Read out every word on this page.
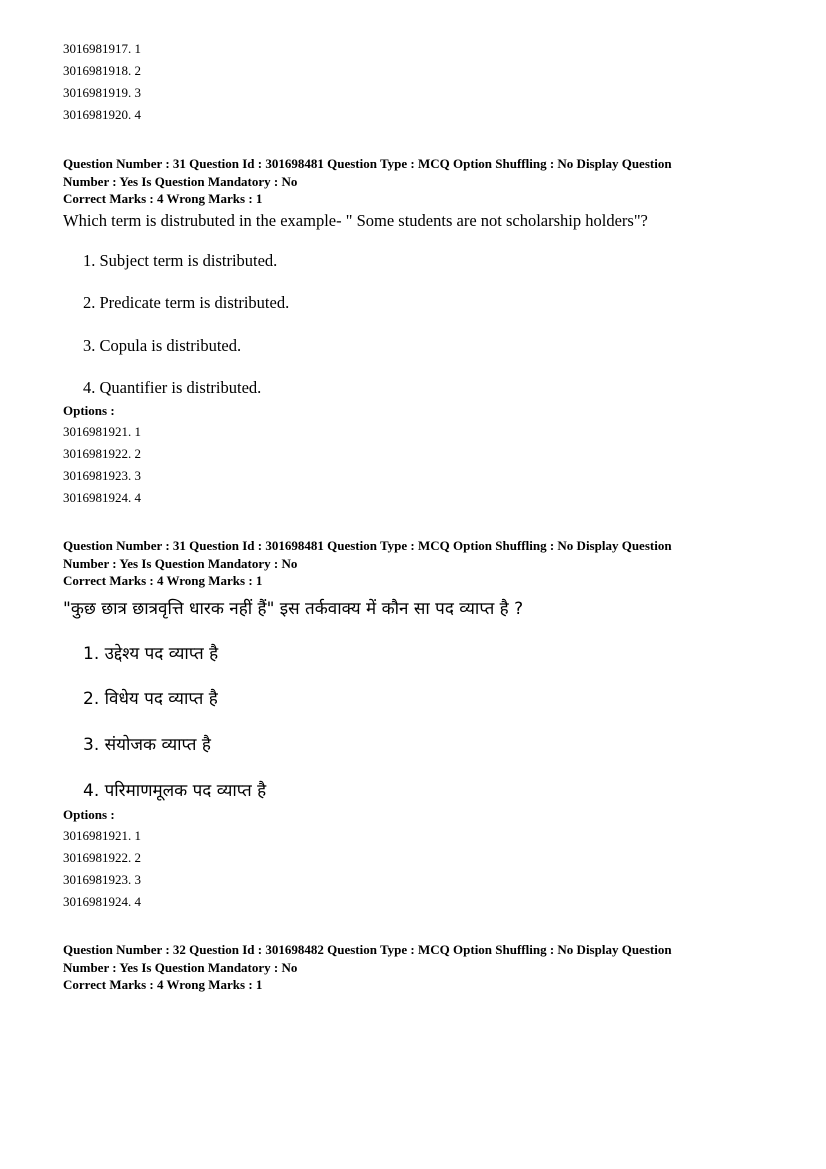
3016981917. 1
3016981918. 2
3016981919. 3
3016981920. 4

Question Number : 31 Question Id : 301698481 Question Type : MCQ Option Shuffling : No Display Question

Number : Yes Is Question Mandatory : No

Correct Marks : 4 Wrong Marks : 1

Which term is distrubuted in the example- " Some students are not scholarship holders"?
1. Subject term is distributed.
2. Predicate term is distributed.
3. Copula is distributed.
4. Quantifier is distributed.
Options :
3016981921. 1
3016981922. 2
3016981923. 3
3016981924. 4

Question Number : 31 Question Id : 301698481 Question Type : MCQ Option Shuffling : No Display Question

Number : Yes Is Question Mandatory : No

Correct Marks : 4 Wrong Marks : 1

"कुछ छात्र छात्रवृत्ति धारक नहीं हैं" इस तर्कवाक्य में कौन सा पद व्याप्त है ?
1. उद्देश्य पद व्याप्त है
2. विधेय पद व्याप्त है
3. संयोजक व्याप्त है
4. परिमाणमूलक पद व्याप्त है
Options :
3016981921. 1
3016981922. 2
3016981923. 3
3016981924. 4

Question Number : 32 Question Id : 301698482 Question Type : MCQ Option Shuffling : No Display Question

Number : Yes Is Question Mandatory : No

Correct Marks : 4 Wrong Marks : 1
